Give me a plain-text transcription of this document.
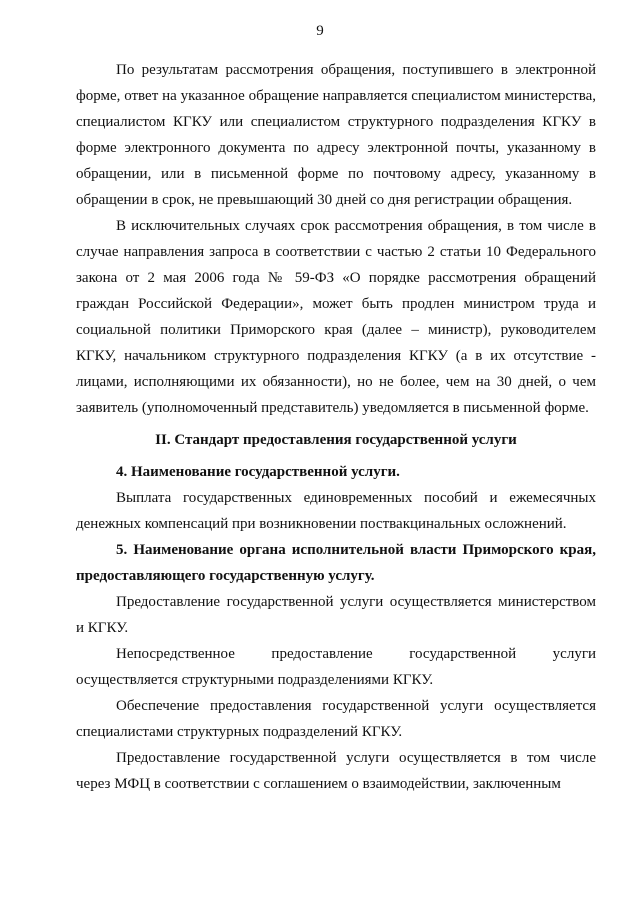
9

По результатам рассмотрения обращения, поступившего в электронной форме, ответ на указанное обращение направляется специалистом министерства, специалистом КГКУ или специалистом структурного подразделения КГКУ в форме электронного документа по адресу электронной почты, указанному в обращении, или в письменной форме по почтовому адресу, указанному в обращении в срок, не превышающий 30 дней со дня регистрации обращения.

В исключительных случаях срок рассмотрения обращения, в том числе в случае направления запроса в соответствии с частью 2 статьи 10 Федерального закона от 2 мая 2006 года № 59-ФЗ «О порядке рассмотрения обращений граждан Российской Федерации», может быть продлен министром труда и социальной политики Приморского края (далее – министр), руководителем КГКУ, начальником структурного подразделения КГКУ (а в их отсутствие - лицами, исполняющими их обязанности), но не более, чем на 30 дней, о чем заявитель (уполномоченный представитель) уведомляется в письменной форме.

II. Стандарт предоставления государственной услуги

4. Наименование государственной услуги.

Выплата государственных единовременных пособий и ежемесячных денежных компенсаций при возникновении поствакцинальных осложнений.

5. Наименование органа исполнительной власти Приморского края, предоставляющего государственную услугу.

Предоставление государственной услуги осуществляется министерством и КГКУ.

Непосредственное предоставление государственной услуги осуществляется структурными подразделениями КГКУ.

Обеспечение предоставления государственной услуги осуществляется специалистами структурных подразделений КГКУ.

Предоставление государственной услуги осуществляется в том числе через МФЦ в соответствии с соглашением о взаимодействии, заключенным
